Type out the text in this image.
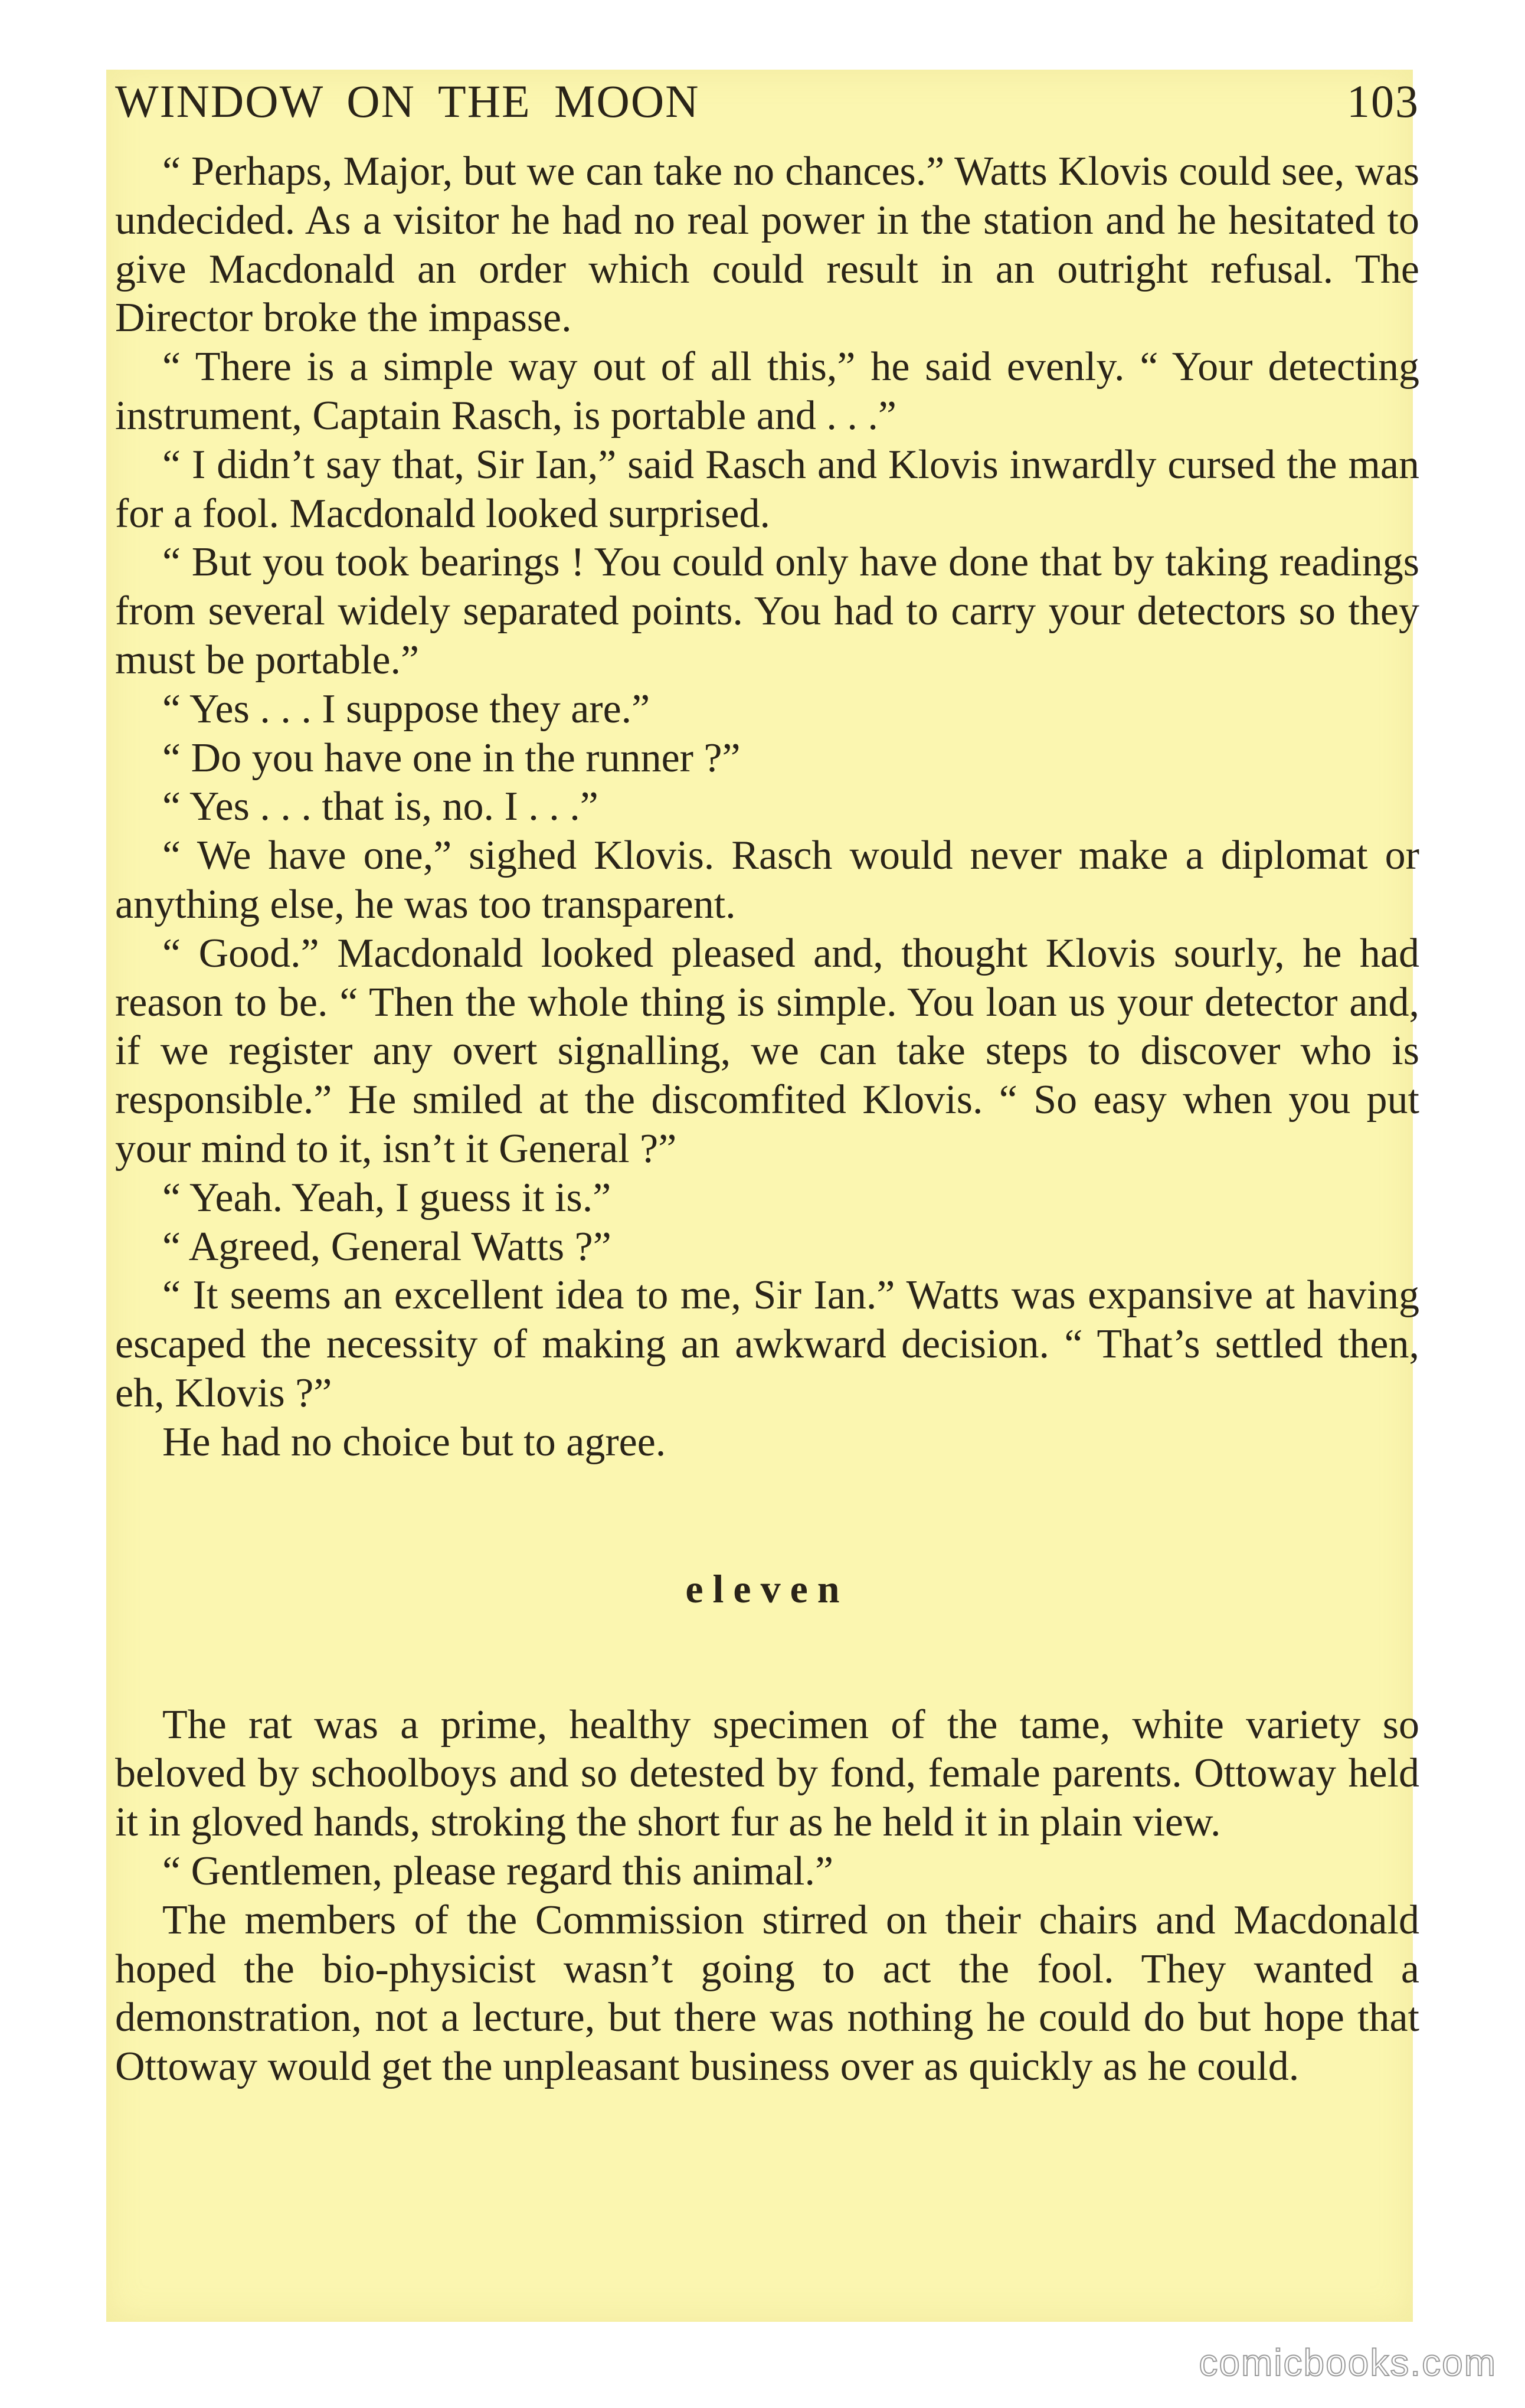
WINDOW ON THE MOON	103

“ Perhaps, Major, but we can take no chances.” Watts Klovis could see, was undecided. As a visitor he had no real power in the station and he hesitated to give Macdonald an order which could result in an outright refusal. The Director broke the impasse.

“ There is a simple way out of all this,” he said evenly. “ Your detecting instrument, Captain Rasch, is portable and . . .”

“ I didn’t say that, Sir Ian,” said Rasch and Klovis inwardly cursed the man for a fool. Macdonald looked surprised.

“ But you took bearings ! You could only have done that by taking readings from several widely separated points. You had to carry your detectors so they must be portable.”

“ Yes . . . I suppose they are.”

“ Do you have one in the runner ?”

“ Yes . . . that is, no. I . . .”

“ We have one,” sighed Klovis. Rasch would never make a diplomat or anything else, he was too transparent.

“ Good.” Macdonald looked pleased and, thought Klovis sourly, he had reason to be. “ Then the whole thing is simple. You loan us your detector and, if we register any overt signalling, we can take steps to discover who is responsible.” He smiled at the discomfited Klovis. “ So easy when you put your mind to it, isn’t it General ?”

“ Yeah. Yeah, I guess it is.”

“ Agreed, General Watts ?”

“ It seems an excellent idea to me, Sir Ian.” Watts was expansive at having escaped the necessity of making an awkward decision. “ That’s settled then, eh, Klovis ?”

He had no choice but to agree.

eleven

The rat was a prime, healthy specimen of the tame, white variety so beloved by schoolboys and so detested by fond, female parents. Ottoway held it in gloved hands, stroking the short fur as he held it in plain view.

“ Gentlemen, please regard this animal.”

The members of the Commission stirred on their chairs and Macdonald hoped the bio-physicist wasn’t going to act the fool. They wanted a demonstration, not a lecture, but there was nothing he could do but hope that Ottoway would get the unpleasant business over as quickly as he could.

comicbooks.com
